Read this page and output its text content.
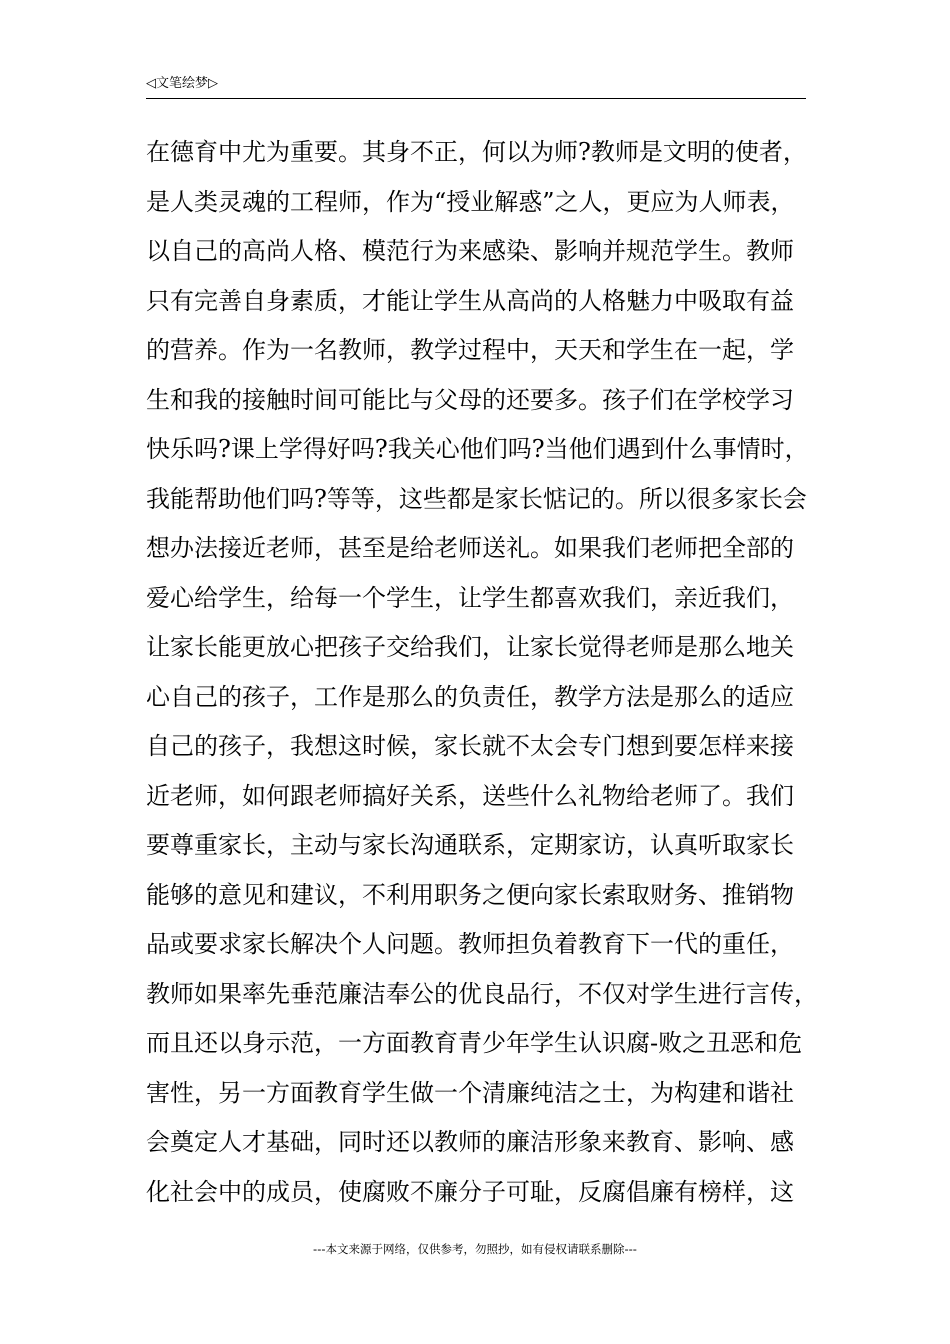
◁文笔绘梦▷
在德育中尤为重要。其身不正，何以为师?教师是文明的使者，
是人类灵魂的工程师，作为“授业解惑”之人，更应为人师表，
以自己的高尚人格、模范行为来感染、影响并规范学生。教师
只有完善自身素质，才能让学生从高尚的人格魅力中吸取有益
的营养。作为一名教师，教学过程中，天天和学生在一起，学
生和我的接触时间可能比与父母的还要多。孩子们在学校学习
快乐吗?课上学得好吗?我关心他们吗?当他们遇到什么事情时，
我能帮助他们吗?等等，这些都是家长惦记的。所以很多家长会
想办法接近老师，甚至是给老师送礼。如果我们老师把全部的
爱心给学生，给每一个学生，让学生都喜欢我们，亲近我们，
让家长能更放心把孩子交给我们，让家长觉得老师是那么地关
心自己的孩子，工作是那么的负责任，教学方法是那么的适应
自己的孩子，我想这时候，家长就不太会专门想到要怎样来接
近老师，如何跟老师搞好关系，送些什么礼物给老师了。我们
要尊重家长，主动与家长沟通联系，定期家访，认真听取家长
能够的意见和建议，不利用职务之便向家长索取财务、推销物
品或要求家长解决个人问题。教师担负着教育下一代的重任，
教师如果率先垂范廉洁奉公的优良品行，不仅对学生进行言传，
而且还以身示范，一方面教育青少年学生认识腐-败之丑恶和危
害性，另一方面教育学生做一个清廉纯洁之士，为构建和谐社
会奠定人才基础，同时还以教师的廉洁形象来教育、影响、感
化社会中的成员，使腐败不廉分子可耻，反腐倡廉有榜样，这
---本文来源于网络，仅供参考，勿照抄，如有侵权请联系删除---
